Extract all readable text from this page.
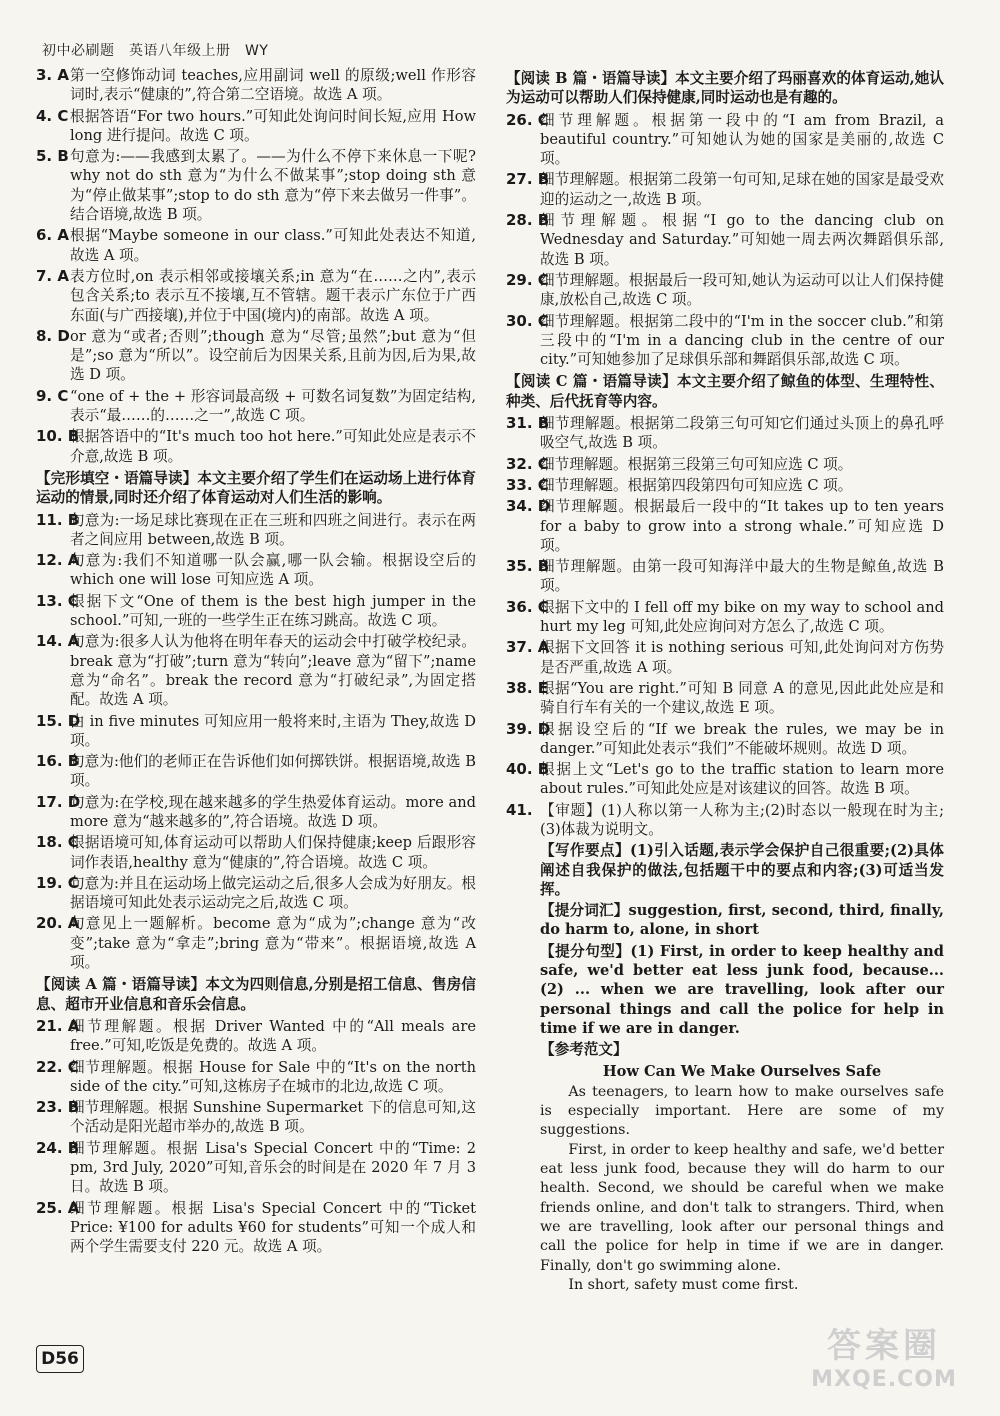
初中必刷题　英语八年级上册　WY
3. A 第一空修饰动词 teaches,应用副词 well 的原级;well 作形容词时,表示“健康的”,符合第二空语境。故选 A 项。
4. C 根据答语“For two hours.”可知此处询问时间长短,应用 How long 进行提问。故选 C 项。
5. B 句意为:——我感到太累了。——为什么不停下来休息一下呢? why not do sth 意为“为什么不做某事”;stop doing sth 意为“停止做某事”;stop to do sth 意为“停下来去做另一件事”。结合语境,故选 B 项。
6. A 根据“Maybe someone in our class.”可知此处表达不知道,故选 A 项。
7. A 表方位时,on 表示相邻或接壤关系;in 意为“在……之内”,表示包含关系;to 表示互不接壤,互不管辖。题干表示广东位于广西东面(与广西接壤),并位于中国(境内)的南部。故选 A 项。
8. D or 意为“或者;否则”;though 意为“尽管;虽然”;but 意为“但是”;so 意为“所以”。设空前后为因果关系,且前为因,后为果,故选 D 项。
9. C “one of + the + 形容词最高级 + 可数名词复数”为固定结构,表示“最……的……之一”,故选 C 项。
10. B
根据答语中的“It's much too hot here.”可知此处应是表示不介意,故选 B 项。
【完形填空・语篇导读】本文主要介绍了学生们在运动场上进行体育运动的情景,同时还介绍了体育运动对人们生活的影响。
11. B
句意为:一场足球比赛现在正在三班和四班之间进行。表示在两者之间应用 between,故选 B 项。
12. A
句意为:我们不知道哪一队会赢,哪一队会输。根据设空后的 which one will lose 可知应选 A 项。
13. C
根据下文“One of them is the best high jumper in the school.”可知,一班的一些学生正在练习跳高。故选 C 项。
14. A
句意为:很多人认为他将在明年春天的运动会中打破学校纪录。break 意为“打破”;turn 意为“转向”;leave 意为“留下”;name 意为“命名”。break the record 意为“打破纪录”,为固定搭配。故选 A 项。
15. D
由 in five minutes 可知应用一般将来时,主语为 They,故选 D 项。
16. B
句意为:他们的老师正在告诉他们如何掷铁饼。根据语境,故选 B 项。
17. D
句意为:在学校,现在越来越多的学生热爱体育运动。more and more 意为“越来越多的”,符合语境。故选 D 项。
18. C
根据语境可知,体育运动可以帮助人们保持健康;keep 后跟形容词作表语,healthy 意为“健康的”,符合语境。故选 C 项。
19. C
句意为:并且在运动场上做完运动之后,很多人会成为好朋友。根据语境可知此处表示运动完之后,故选 C 项。
20. A
句意见上一题解析。become 意为“成为”;change 意为“改变”;take 意为“拿走”;bring 意为“带来”。根据语境,故选 A 项。
【阅读 A 篇・语篇导读】本文为四则信息,分别是招工信息、售房信息、超市开业信息和音乐会信息。
21. A
细节理解题。根据 Driver Wanted 中的“All meals are free.”可知,吃饭是免费的。故选 A 项。
22. C
细节理解题。根据 House for Sale 中的“It's on the north side of the city.”可知,这栋房子在城市的北边,故选 C 项。
23. B
细节理解题。根据 Sunshine Supermarket 下的信息可知,这个活动是阳光超市举办的,故选 B 项。
24. B
细节理解题。根据 Lisa's Special Concert 中的“Time: 2 pm, 3rd July, 2020”可知,音乐会的时间是在 2020 年 7 月 3 日。故选 B 项。
25. A
细节理解题。根据 Lisa's Special Concert 中的“Ticket Price: ¥100 for adults ¥60 for students”可知一个成人和两个学生需要支付 220 元。故选 A 项。
【阅读 B 篇・语篇导读】本文主要介绍了玛丽喜欢的体育运动,她认为运动可以帮助人们保持健康,同时运动也是有趣的。
26. C
细节理解题。根据第一段中的“I am from Brazil, a beautiful country.”可知她认为她的国家是美丽的,故选 C 项。
27. B
细节理解题。根据第二段第一句可知,足球在她的国家是最受欢迎的运动之一,故选 B 项。
28. B
细节理解题。根据“I go to the dancing club on Wednesday and Saturday.”可知她一周去两次舞蹈俱乐部,故选 B 项。
29. C
细节理解题。根据最后一段可知,她认为运动可以让人们保持健康,放松自己,故选 C 项。
30. C
细节理解题。根据第二段中的“I'm in the soccer club.”和第三段中的“I'm in a dancing club in the centre of our city.”可知她参加了足球俱乐部和舞蹈俱乐部,故选 C 项。
【阅读 C 篇・语篇导读】本文主要介绍了鲸鱼的体型、生理特性、种类、后代抚育等内容。
31. B
细节理解题。根据第二段第三句可知它们通过头顶上的鼻孔呼吸空气,故选 B 项。
32. C
细节理解题。根据第三段第三句可知应选 C 项。
33. C
细节理解题。根据第四段第四句可知应选 C 项。
34. D
细节理解题。根据最后一段中的“It takes up to ten years for a baby to grow into a strong whale.”可知应选 D 项。
35. B
细节理解题。由第一段可知海洋中最大的生物是鲸鱼,故选 B 项。
36. C
根据下文中的 I fell off my bike on my way to school and hurt my leg 可知,此处应询问对方怎么了,故选 C 项。
37. A
根据下文回答 it is nothing serious 可知,此处询问对方伤势是否严重,故选 A 项。
38. E
根据“You are right.”可知 B 同意 A 的意见,因此此处应是和骑自行车有关的一个建议,故选 E 项。
39. D
根据设空后的“If we break the rules, we may be in danger.”可知此处表示“我们”不能破坏规则。故选 D 项。
40. B
根据上文“Let's go to the traffic station to learn more about rules.”可知此处应是对该建议的回答。故选 B 项。
41. 【审题】(1)人称以第一人称为主;(2)时态以一般现在时为主;(3)体裁为说明文。
【写作要点】(1)引入话题,表示学会保护自己很重要;(2)具体阐述自我保护的做法,包括题干中的要点和内容;(3)可适当发挥。
【提分词汇】suggestion, first, second, third, finally, do harm to, alone, in short
【提分句型】(1) First, in order to keep healthy and safe, we'd better eat less junk food, because... (2) ... when we are travelling, look after our personal things and call the police for help in time if we are in danger.
【参考范文】
How Can We Make Ourselves Safe

As teenagers, to learn how to make ourselves safe is especially important. Here are some of my suggestions.

First, in order to keep healthy and safe, we'd better eat less junk food, because they will do harm to our health. Second, we should be careful when we make friends online, and don't talk to strangers. Third, when we are travelling, look after our personal things and call the police for help in time if we are in danger. Finally, don't go swimming alone.

In short, safety must come first.

D56	答案圈
MXQE.COM
